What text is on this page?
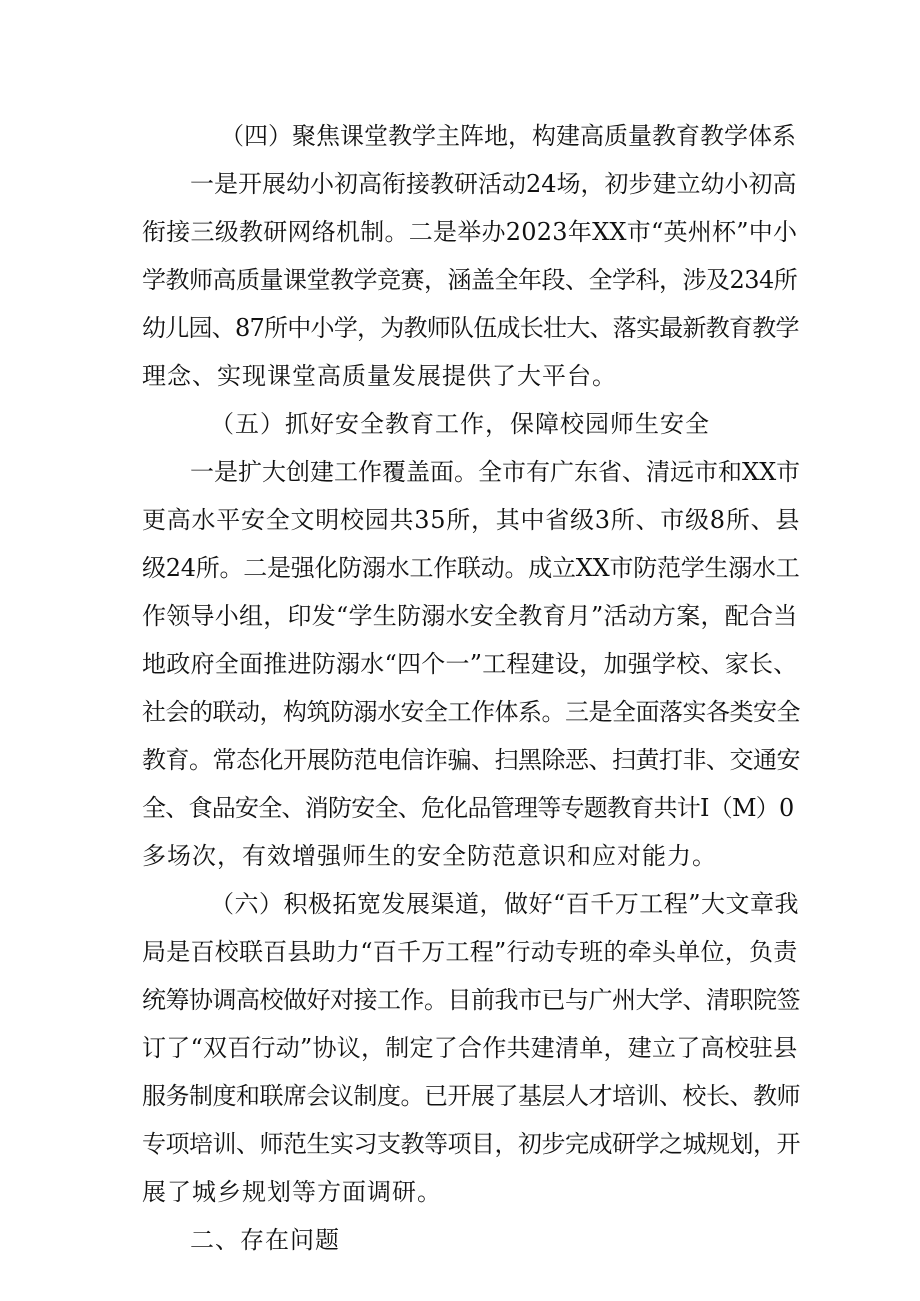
（四）聚焦课堂教学主阵地，构建高质量教育教学体系
一是开展幼小初高衔接教研活动24场，初步建立幼小初高
衔接三级教研网络机制。二是举办2023年XX市“英州杯”中小
学教师高质量课堂教学竞赛，涵盖全年段、全学科，涉及234所
幼儿园、87所中小学，为教师队伍成长壮大、落实最新教育教学
理念、实现课堂高质量发展提供了大平台。
（五）抓好安全教育工作，保障校园师生安全
一是扩大创建工作覆盖面。全市有广东省、清远市和XX市
更高水平安全文明校园共35所，其中省级3所、市级8所、县
级24所。二是强化防溺水工作联动。成立XX市防范学生溺水工
作领导小组，印发“学生防溺水安全教育月”活动方案，配合当
地政府全面推进防溺水“四个一”工程建设，加强学校、家长、
社会的联动，构筑防溺水安全工作体系。三是全面落实各类安全
教育。常态化开展防范电信诈骗、扫黑除恶、扫黄打非、交通安
全、食品安全、消防安全、危化品管理等专题教育共计I（M）0
多场次，有效增强师生的安全防范意识和应对能力。
（六）积极拓宽发展渠道，做好“百千万工程”大文章我
局是百校联百县助力“百千万工程”行动专班的牵头单位，负责
统筹协调高校做好对接工作。目前我市已与广州大学、清职院签
订了“双百行动”协议，制定了合作共建清单，建立了高校驻县
服务制度和联席会议制度。已开展了基层人才培训、校长、教师
专项培训、师范生实习支教等项目，初步完成研学之城规划，开
展了城乡规划等方面调研。
二、存在问题
